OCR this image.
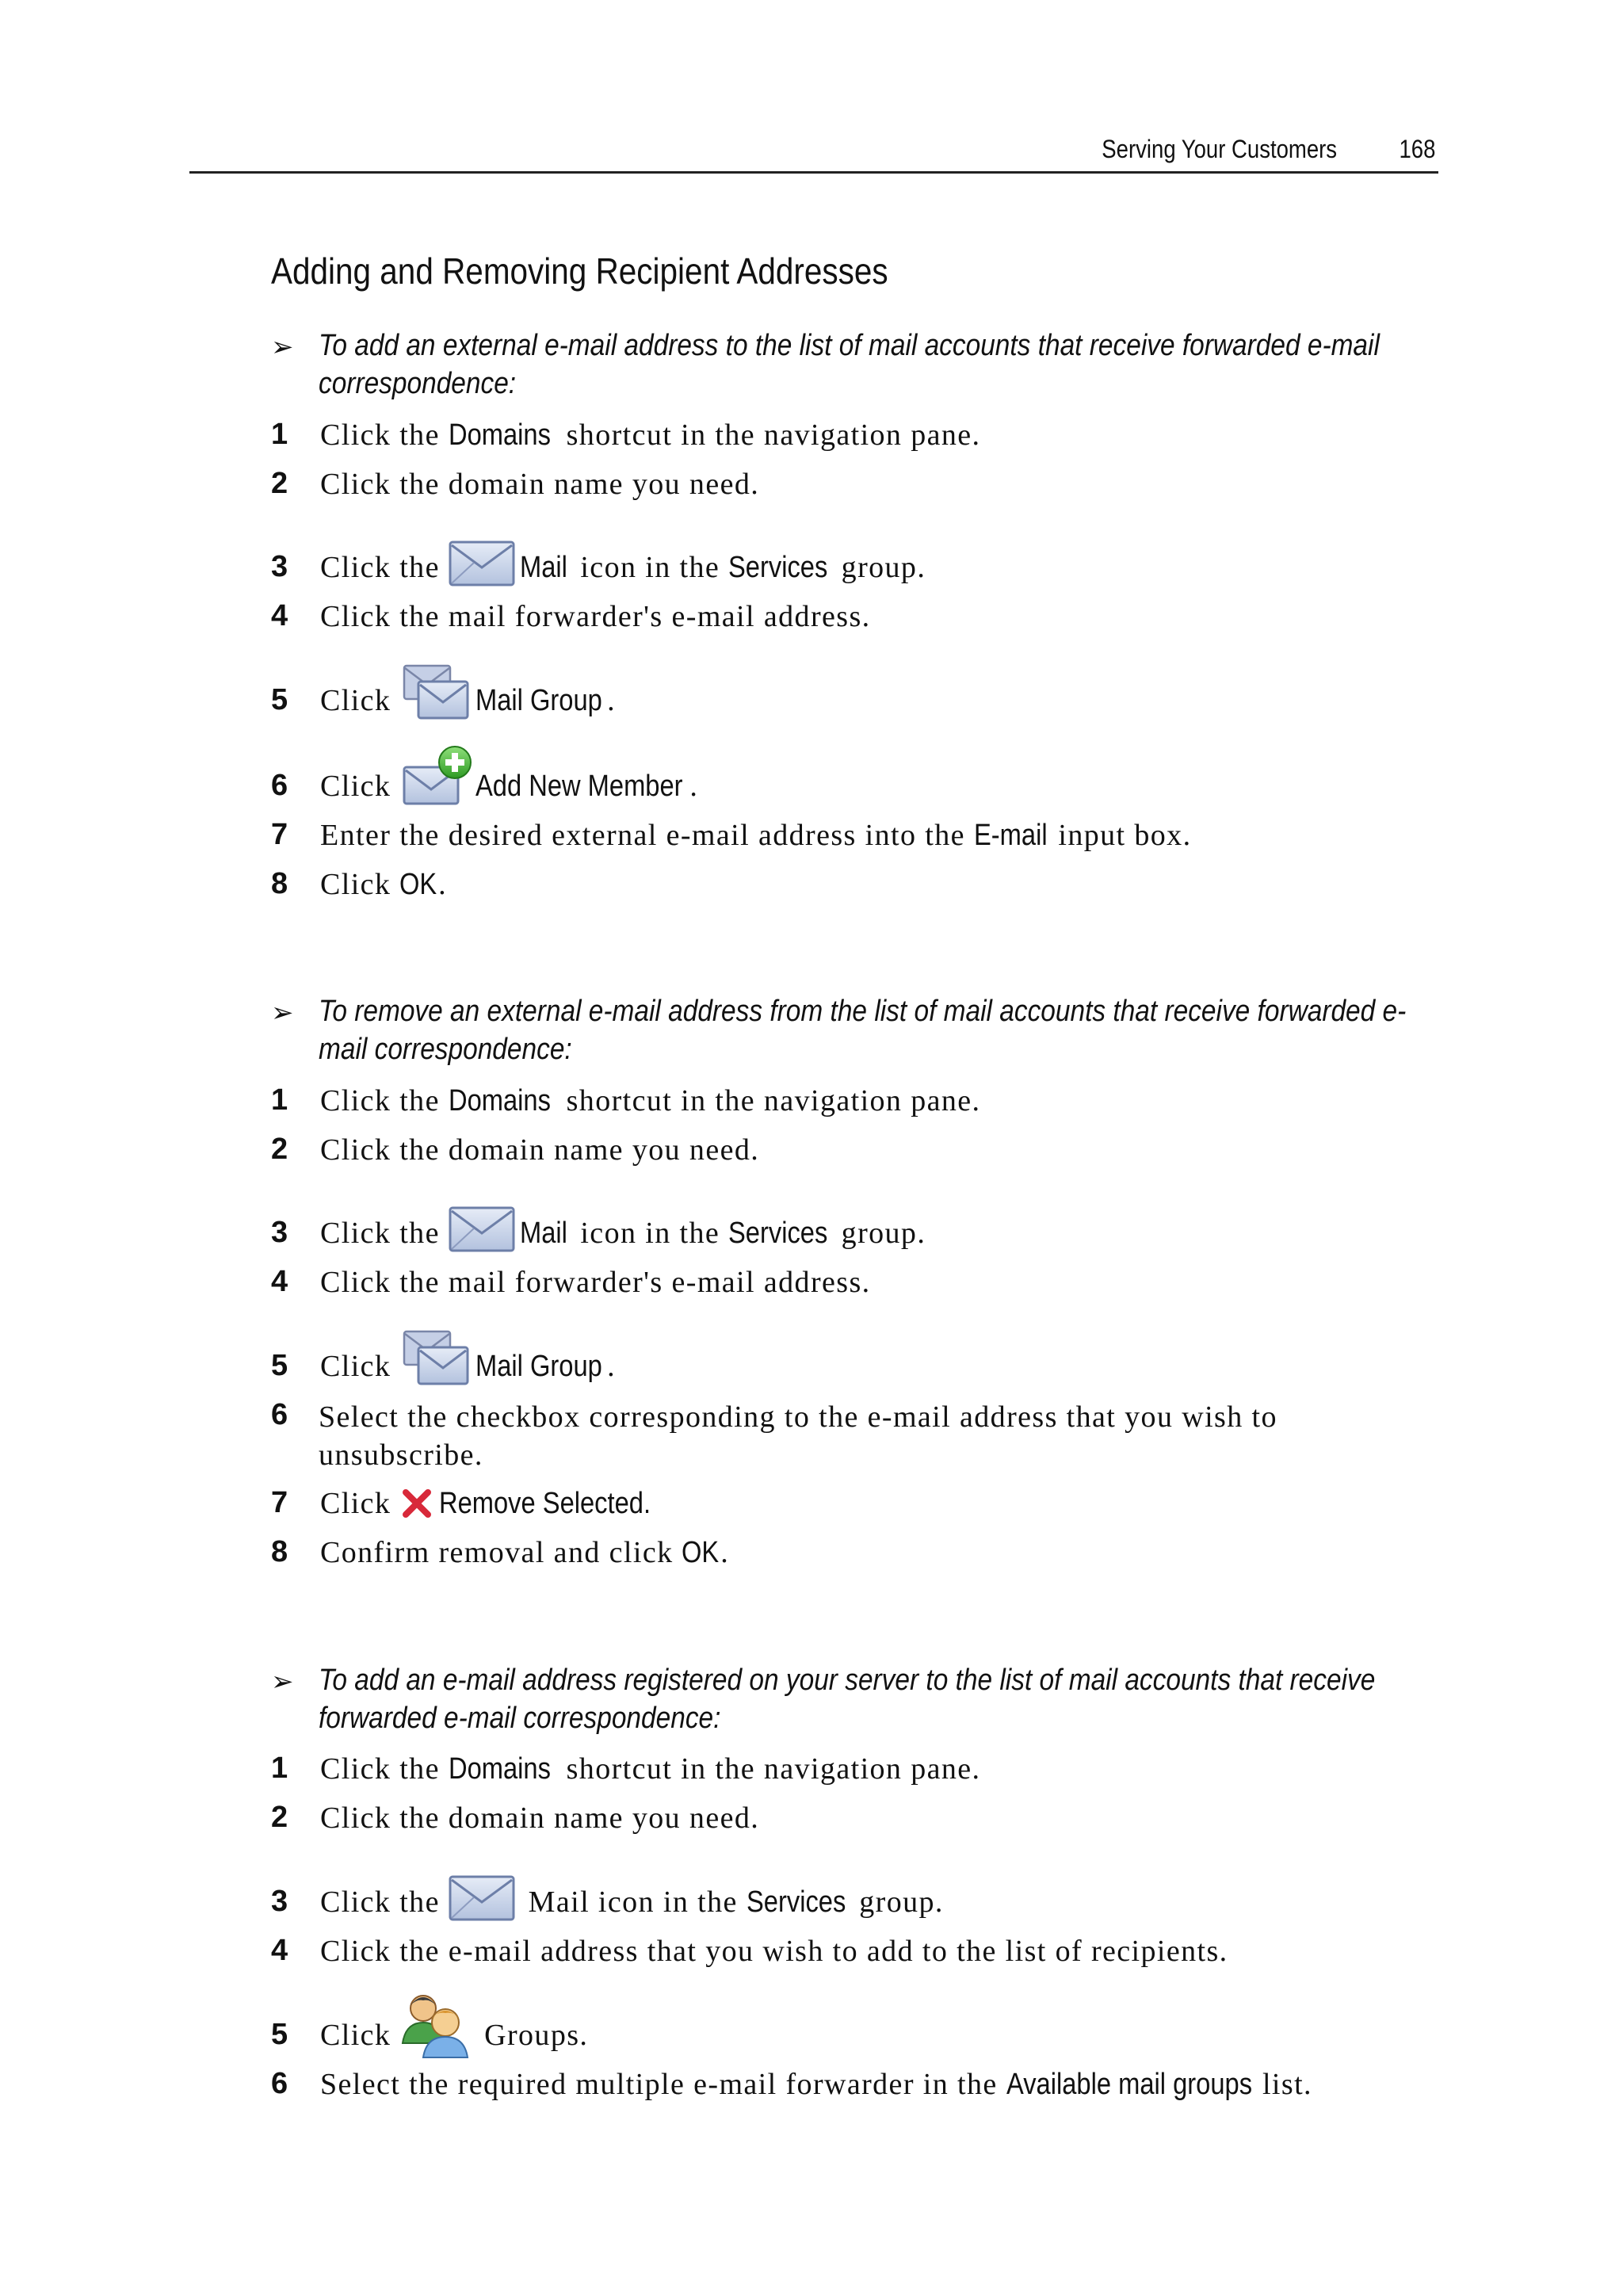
Serving Your Customers 168
Adding and Removing Recipient Addresses
➢ To add an external e-mail address to the list of mail accounts that receive forwarded e-mail correspondence:
1 Click the Domains shortcut in the navigation pane.
2 Click the domain name you need.
3 Click the
Mail icon in the Services group.
4 Click the mail forwarder's e-mail address.
5 Click	Mail Group .
6 Click	Add New Member .
7 Enter the desired external e-mail address into the E-mail input box.
8 Click OK.
➢ To remove an external e-mail address from the list of mail accounts that receive forwarded e-mail correspondence:
1 Click the Domains shortcut in the navigation pane.
2 Click the domain name you need.
3 Click the
Mail icon in the Services group.
4 Click the mail forwarder's e-mail address.
5 Click	Mail Group .
6 Select the checkbox corresponding to the e-mail address that you wish to unsubscribe.
7 Click
Remove Selected.
8 Confirm removal and click OK.
➢ To add an e-mail address registered on your server to the list of mail accounts that receive forwarded e-mail correspondence:
1 Click the Domains shortcut in the navigation pane.
2 Click the domain name you need.
3 Click the
Mail icon in the Services group.
4 Click the e-mail address that you wish to add to the list of recipients.
5 Click	Groups.
6 Select the required multiple e-mail forwarder in the Available mail groups list.
